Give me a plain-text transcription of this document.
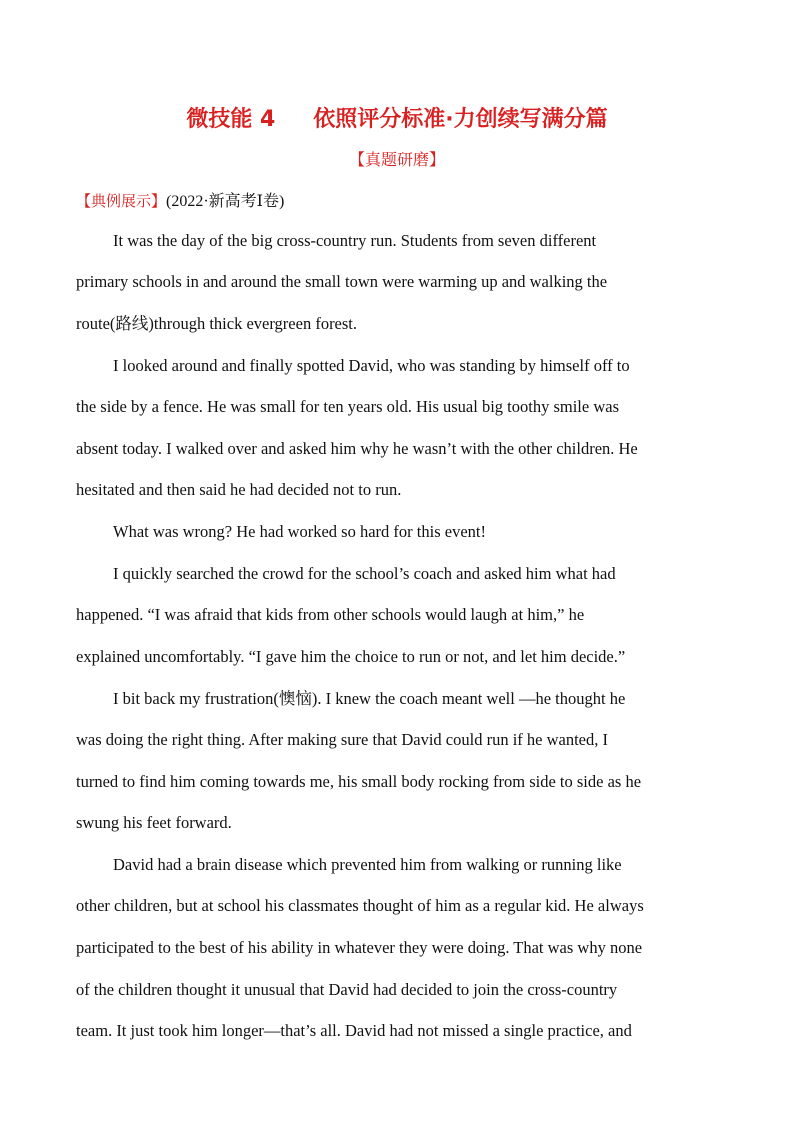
微技能 4 依照评分标准·力创续写满分篇
【真题研磨】
【典例展示】(2022·新高考Ⅰ卷)
It was the day of the big cross-country run. Students from seven different
primary schools in and around the small town were warming up and walking the
route(路线)through thick evergreen forest.
I looked around and finally spotted David, who was standing by himself off to
the side by a fence. He was small for ten years old. His usual big toothy smile was
absent today. I walked over and asked him why he wasn’t with the other children. He
hesitated and then said he had decided not to run.
What was wrong? He had worked so hard for this event!
I quickly searched the crowd for the school’s coach and asked him what had
happened. “I was afraid that kids from other schools would laugh at him,” he
explained uncomfortably. “I gave him the choice to run or not, and let him decide.”
I bit back my frustration(懊恼). I knew the coach meant well —he thought he
was doing the right thing. After making sure that David could run if he wanted, I
turned to find him coming towards me, his small body rocking from side to side as he
swung his feet forward.
David had a brain disease which prevented him from walking or running like
other children, but at school his classmates thought of him as a regular kid. He always
participated to the best of his ability in whatever they were doing. That was why none
of the children thought it unusual that David had decided to join the cross-country
team. It just took him longer—that’s all. David had not missed a single practice, and
